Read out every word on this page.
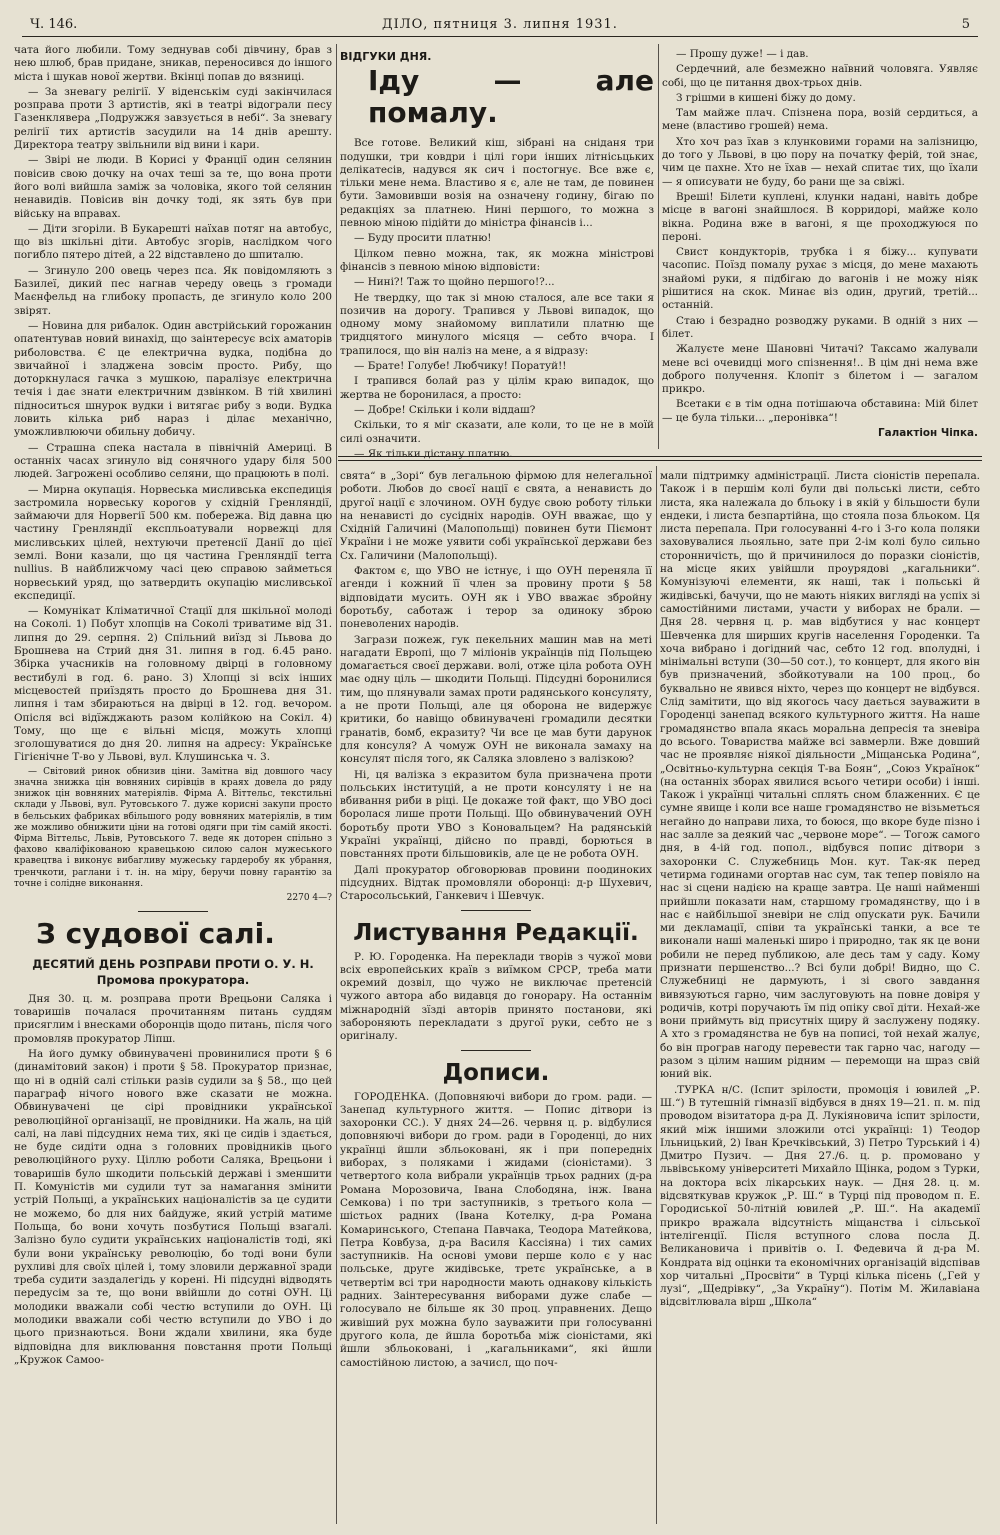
Ч. 146.	ДІЛО, пятниця 3. липня 1931.	5

чата його любили. Тому зеднував собі дівчину, брав з нею шлюб, брав придане, зникав, переносився до іншого міста і шукав нової жертви. Вкінці попав до вязниці.

— За зневагу релігії. У віденськім суді закінчилася розправа проти 3 артистів, які в театрі відограли песу Газенклявера „Подружжя завзується в небі“. За зневагу релігії тих артистів засудили на 14 днів арешту. Директора театру звільнили від вини і кари.

— Звірі не люди. В Корисі у Франції один селянин повісив свою дочку на очах теші за те, що вона проти його волі вийшла заміж за чоловіка, якого той селянин ненавидів. Повісив він дочку тоді, як зять був при війську на вправах.

— Діти згоріли. В Букарешті наїхав потяг на автобус, що віз шкільні діти. Автобус згорів, наслідком чого погибло пятеро дітей, а 22 відставлено до шпиталю.

— Згинуло 200 овець через пса. Як повідомляють з Базилеї, дикий пес нагнав череду овець з громади Маєнфельд на глибоку пропасть, де згинуло коло 200 звірят.

— Новина для рибалок. Один австрійський горожанин опатентував новий винахід, що заінтересує всіх аматорів риболовства. Є це електрична вудка, подібна до звичайної і зладжена зовсім просто. Рибу, що доторкнулася гачка з мушкою, паралізує електрична течія і дає знати електричним дзвінком. В тій хвилині підноситься шнурок вудки і витягає рибу з води. Вудка ловить кілька риб нараз і ділає механічно, уможливлюючи обильну добичу.

— Страшна спека настала в північній Америці. В останніх часах згинуло від сонячного удару біля 500 людей. Загрожені особливо селяни, що працюють в полі.

— Мирна окупація. Норвеська мисливська експедиція застромила норвеську корогов у східній Гренляндії, займаючи для Норвегії 500 км. побережа. Від давна цю частину Гренляндії експльоатували норвежці для мисливських цілей, нехтуючи претенсії Данії до цієї землі. Вони казали, що ця частина Гренляндії terra nullius. В найближчому часі цею справою займеться норвеський уряд, що затвердить окупацію мисливської експедиції.

— Комунікат Кліматичної Стації для шкільної молоді на Соколі. 1) Побут хлопців на Соколі триватиме від 31. липня до 29. серпня. 2) Спільний виїзд зі Львова до Брошнева на Стрий дня 31. липня в год. 6.45 рано. Збірка учасників на головному двірці в головному вестибулі в год. 6. рано. 3) Хлопці зі всіх інших місцевостей приїздять просто до Брошнева дня 31. липня і там збираються на двірці в 12. год. вечором. Опісля всі відїжджають разом колійкою на Сокіл. 4) Тому, що ще є вільні місця, можуть хлопці зголошуватися до дня 20. липня на адресу: Українське Гігієнічне Т-во у Львові, вул. Клушинська ч. 3.

— Світовий ринок обнизив ціни. Замітна від довшого часу значна знижка цін вовняних сирівців в краях довела до ряду знижок цін вовняних матеріялів. Фірма А. Віттельс, текстильні склади у Львові, вул. Рутовського 7. дуже корисні закупи просто в бельських фабриках вбільшого роду вовняних матеріялів, в тим же можливо обнижити ціни на готові одяги при тім самій якості. Фірма Віттельс, Львів, Рутовського 7. веде як доторен спільно з фахово кваліфікованою кравецькою силою салон мужеського кравецтва і виконує вибагливу мужеську гардеробу як убрання, тренчкоти, раглани і т. ін. на міру, беручи повну гарантію за точне і солідне виконання.

2270 4—?
З судової салі.
ДЕСЯТИЙ ДЕНЬ РОЗПРАВИ ПРОТИ О. У. Н.
Промова прокуратора.

Дня 30. ц. м. розправа проти Врецьони Саляка і товаришів почалася прочитанням питань суддям присяглим і внесками оборонців щодо питань, після чого промовляв прокуратор Ліпш.

На його думку обвинувачені провинилися проти § 6 (динамітовий закон) і проти § 58. Прокуратор признає, що ні в одній салі стільки разів судили за § 58., що цей параграф нічого нового вже сказати не можна. Обвинувачені це сірі провідники української революційної організації, не провідники. На жаль, на цій салі, на лаві підсудних нема тих, які це сидів і здається, не буде сидіти одна з головних провідників цього революційного руху. Ціллю роботи Саляка, Врецьони і товаришів було шкодити польській державі і зменшити П. Комуністів ми судили тут за намагання змінити устрій Польщі, а українських націоналістів за це судити не можемо, бо для них байдуже, який устрій матиме Польща, бо вони хочуть позбутися Польщі взагалі. Залізно було судити українських націоналістів тоді, які були вони українську революцію, бо тоді вони були рухливі для своїх цілей і, тому зловили державної зради треба судити заздалегідь у корені. Ні підсудні відводять передусім за те, що вони ввійшли до сотні ОУН. Ці молодики вважали собі честю вступили до ОУН. Ці молодики вважали собі честю вступили до УВО і до цього признаються. Вони ждали хвилини, яка буде відповідна для виклювання повстання проти Польщі „Кружок Самоо-

ВІДГУКИ ДНЯ.
Іду — але помалу.

Все готове. Великий кіш, зібрані на сніданя три подушки, три ковдри і цілі гори інших літнісьцьких делікатесів, надувся як сич і постогнує. Все вже є, тільки мене нема. Властиво я є, але не там, де повинен бути. Замовивши возія на означену годину, бігаю по редакціях за платнею. Нині першого, то можна з певною міною підійти до міністра фінансів і...

— Буду просити платню!

Цілком певно можна, так, як можна міністрові фінансів з певною міною відповісти:

— Нині?! Таж то щойно першого!?...

Не твердку, що так зі мною сталося, але все таки я позичив на дорогу. Трапився у Львові випадок, що одному мому знайомому виплатили платню ще тридцятого минулого місяця — себто вчора. І трапилося, що він наліз на мене, а я відразу:

— Брате! Голубе! Любчику! Поратуй!!

І трапився болай раз у цілім краю випадок, що жертва не боронилася, а просто:

— Добре! Скільки і коли віддаш?

Скільки, то я міг сказати, але коли, то це не в моїй силі означити.

— Як тільки дістану платню.

— Прошу дуже! — і дав.

Сердечний, але безмежно наївний чоловяга. Уявляє собі, що це питання двох-трьох днів.

З грішми в кишені біжу до дому.

Там майже плач. Спізнена пора, возій сердиться, а мене (властиво грошей) нема.

Хто хоч раз їхав з клунковими горами на залізницю, до того у Львові, в цю пору на початку ферій, той знає, чим це пахне. Хто не їхав — нехай спитає тих, що їхали — я описувати не буду, бо рани ще за свіжі.

Вреші! Білети куплені, клунки надані, навіть добре місце в вагоні знайшлося. В корридорі, майже коло вікна. Родина вже в вагоні, я ще проходжуюся по пероні.

Свист кондукторів, трубка і я біжу... купувати часопис. Поїзд помалу рухає з місця, до мене махають знайомі руки, я підбігаю до вагонів і не можу ніяк рішитися на скок. Минає віз один, другий, третій... останній.

Стаю і безрадно розводжу руками. В одній з них — білет.

Жалуєте мене Шановні Читачі? Таксамо жалували мене всі очевидці мого спізнення!.. В цім дні нема вже доброго получення. Клопіт з білетом і — загалом прикро.

Всетаки є в тім одна потішаюча обставина: Мій білет — це була тільки... „перонівка“!

Галактіон Чіпка.

свята“ в „Зорі“ був легальною фірмою для нелегальної роботи. Любов до своєї нації є свята, а ненависть до другої нації є злочином. ОУН будує свою роботу тільки на ненависті до сусідніх народів. ОУН вважає, що у Східній Галичині (Малопольщі) повинен бути Піємонт України і не може уявити собі української держави без Сх. Галичини (Малопольщі).

Фактом є, що УВО не істнує, і що ОУН переняла її агенди і кожний її член за провину проти § 58 відповідати мусить. ОУН як і УВО вважає збройну боротьбу, саботаж і терор за одиноку зброю поневолених народів.

Загрази пожеж, гук пекельних машин мав на меті нагадати Европі, що 7 міліонів українців під Польщею домагається своєї держави. волі, отже ціла робота ОУН має одну ціль — шкодити Польщі. Підсудні боронилися тим, що плянували замах проти радянського консуляту, а не проти Польщі, але ця оборона не видержує критики, бо навіщо обвинувачені громадили десятки гранатів, бомб, екразиту? Чи все це мав бути дарунок для консуля? А чомуж ОУН не виконала замаху на консулят після того, як Саляка зловлено з валізкою?

Ні, ця валізка з екразитом була призначена проти польських інституцій, а не проти консуляту і не на вбивання риби в ріці. Це докаже той факт, що УВО досі боролася лише проти Польщі. Що обвинувачений ОУН боротьбу проти УВО з Коновальцем? На радянській Україні українці, дійсно по правді, борються в повстаннях проти більшовиків, але це не робота ОУН.

Далі прокуратор обговорював провини поодиноких підсудних. Відтак промовляли оборонці: д-р Шухевич, Старосольський, Ганкевич і Шевчук.

Листування Редакції.

Р. Ю. Городенка. На переклади творів з чужої мови всіх европейських країв з виїмком СРСР, треба мати окремий дозвіл, що чужо не виключає претенсій чужого автора або видавця до гонорару. На останнім міжнародній зїзді авторів принято постанови, які забороняють перекладати з другої руки, себто не з оригіналу.

Дописи.

ГОРОДЕНКА. (Доповняючі вибори до гром. ради. — Занепад культурного життя. — Попис дітвори із захоронки СС.). У днях 24—26. червня ц. р. відбулися доповняючі вибори до гром. ради в Городенці, до них українці йшли збльокованi, як і при попередніх виборах, з поляками і жидами (сіоністами). З четвертого кола вибрали українців трьох радних (д-ра Романа Морозовича, Івана Слободяна, інж. Івана Семкова) і по три заступників, з третього кола — шістьох радних (Івана Котелку, д-ра Романа Комаринського, Степана Павчака, Теодора Матейкова, Петра Ковбуза, д-ра Василя Кассіяна) і тих самих заступників. На основі умови перше коло є у нас польське, друге жидівське, третє українське, а в четвертім всі три народности мають однакову кількість радних. Заінтересування виборами дуже слабе — голосувало не більше як 30 проц. управнених. Дещо живіший рух можна було зауважити при голосуванні другого кола, де йшла боротьба між сіоністами, які йшли збльоковані, і „кагальниками“, які йшли самостійною листою, а зачисл, що поч-

мали підтримку адміністрації. Листа сіоністів перепала. Також і в першім колі були дві польські листи, себто листа, яка належала до бльоку і в якій у більшости були ендеки, і листа безпартійна, що стояла поза бльоком. Ця листа перепала. При голосуванні 4-го і 3-го кола поляки заховувалися льояльно, зате при 2-ім колі було сильно сторонничість, що й причинилося до поразки сіоністів, на місце яких увійшли проурядові „кагальники“. Комунізуючі елементи, як наші, так і польські й жидівські, бачучи, що не мають ніяких вигляді на успіх зі самостійними листами, участи у виборах не брали. — Дня 28. червня ц. р. мав відбутися у нас концерт Шевченка для ширших кругів населення Городенки. Та хоча вибрано і догідний час, себто 12 год. вполудні, і мінімальні вступи (30—50 сот.), то концерт, для якого він був призначений, збойкотували на 100 проц., бо буквально не явився ніхто, через що концерт не відбувся. Слід замітити, що від якогось часу дається зауважити в Городенці занепад всякого культурного життя. На наше громадянство впала якась моральна депресія та зневіра до всього. Товариства майже всі завмерли. Вже довший час не проявляє ніякої діяльности „Міщанська Родина“, „Освітньо-культурна секція Т-ва Боян“, „Союз Українок“ (на останніх зборах явилися всього четири особи) і інші. Також і українці читальні сплять сном блаженних. Є це сумне явище і коли все наше громадянство не візьметься негайно до направи лиха, то боюся, що вкоре буде пізно і нас залле за деякий час „червоне море“. — Тогож самого дня, в 4-ій год. попол., відбувся попис дітвори з захоронки С. Служебниць Мон. кут. Так-як перед четирма годинами огортав нас сум, так тепер повіяло на нас зі сцени надією на краще завтра. Це наші найменші прийшли показати нам, старшому громадянству, що і в нас є найбільшої зневіри не слід опускати рук. Бачили ми декламації, співи та українські танки, а все те виконали наші маленькі широ і природно, так як це вони робили не перед публикою, але десь там у саду. Кому признати першенство...? Всі були добрі! Видно, що С. Служебниці не дармують, і зі свого завдання вивязуються гарно, чим заслуговують на повне довіря у родичів, котрі поручають їм під опіку свої діти. Нехай-же вони приймуть від присутніх щиру й заслужену подяку. А хто з громадянства не був на пописі, той нехай жалує, бо він програв нагоду перевести так гарно час, нагоду — разом з цілим нашим рідним — перемощи на шраз свій юний вік.

.ТУРКА н/С. (Іспит зрілости, промоція і ювилей „Р. Ш.“) В тутешній гімназії відбувся в днях 19—21. п. м. під проводом візитатора д-ра Д. Лукіяновича іспит зрілости, який між іншими зложили отсі українці: 1) Теодор Ільницький, 2) Іван Кречківський, 3) Петро Турський і 4) Дмитро Пузич. — Дня 27./6. ц. р. промовано у львівському університеті Михайло Щінка, родом з Турки, на доктора всіх лікарських наук. — Дня 28. ц. м. відсвяткував кружок „Р. Ш.“ в Турці під проводом п. Е. Городиської 50-літній ювилей „Р. Ш.“. На академії прикро вражала відсутність міщанства і сільської інтелігенції. Після вступного слова посла Д. Великановича і привітів о. І. Федевича й д-ра М. Кондрата від оцінки та економічних організацій відспівав хор читальні „Просвіти“ в Турці кілька пісень („Гей у лузі“, „Щедрівку“, „За Україну“). Потім М. Жилавіана відсвітлювала вірш „Школа“
